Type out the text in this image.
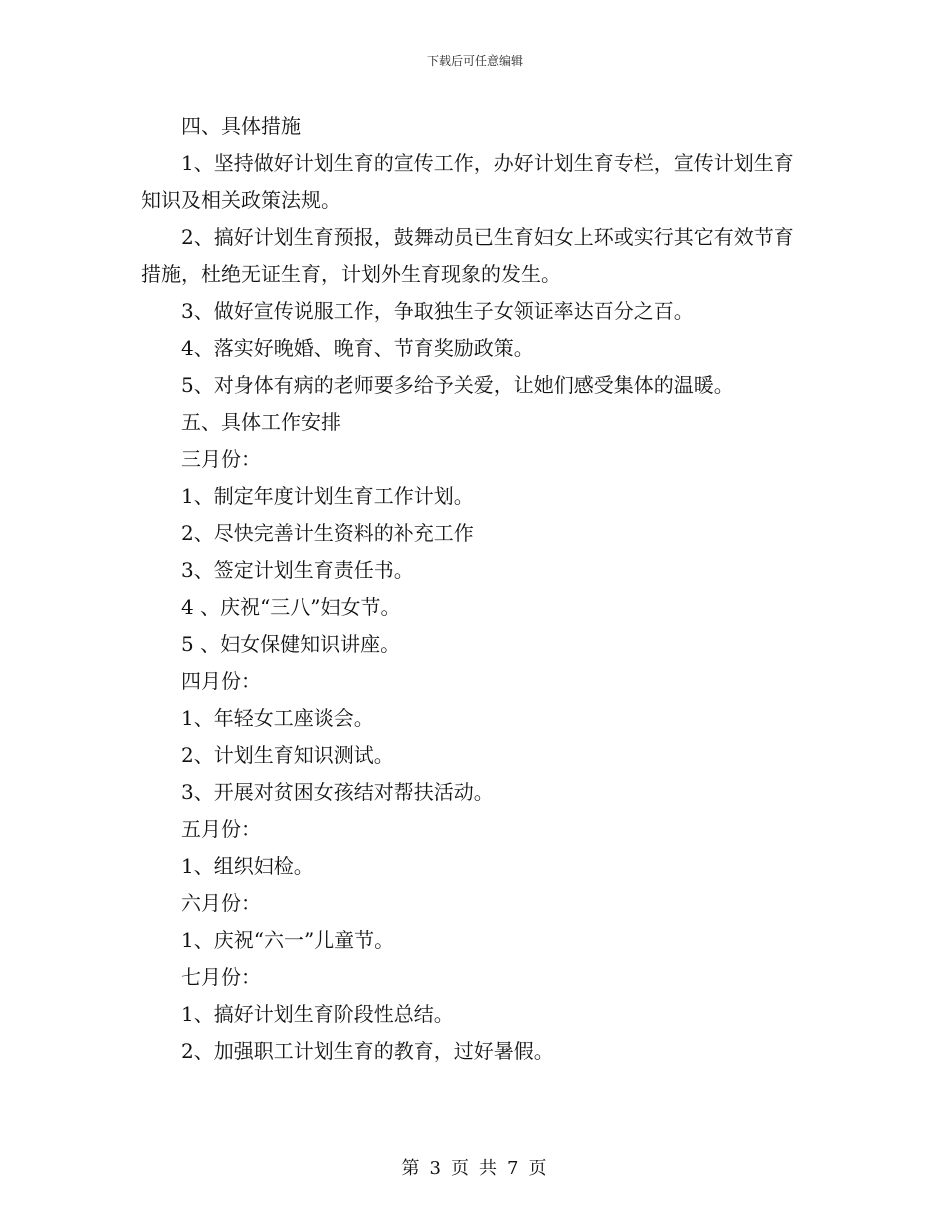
下载后可任意编辑

四、具体措施

1、坚持做好计划生育的宣传工作，办好计划生育专栏，宣传计划生育知识及相关政策法规。

2、搞好计划生育预报，鼓舞动员已生育妇女上环或实行其它有效节育措施，杜绝无证生育，计划外生育现象的发生。

3、做好宣传说服工作，争取独生子女领证率达百分之百。

4、落实好晚婚、晚育、节育奖励政策。

5、对身体有病的老师要多给予关爱，让她们感受集体的温暖。

五、具体工作安排

三月份：

1、制定年度计划生育工作计划。

2、尽快完善计生资料的补充工作

3、签定计划生育责任书。

4 、庆祝“三八”妇女节。

5 、妇女保健知识讲座。

四月份：

1、年轻女工座谈会。

2、计划生育知识测试。

3、开展对贫困女孩结对帮扶活动。

五月份：

1、组织妇检。

六月份：

1、庆祝“六一”儿童节。

七月份：

1、搞好计划生育阶段性总结。

2、加强职工计划生育的教育，过好暑假。

第 3 页 共 7 页
